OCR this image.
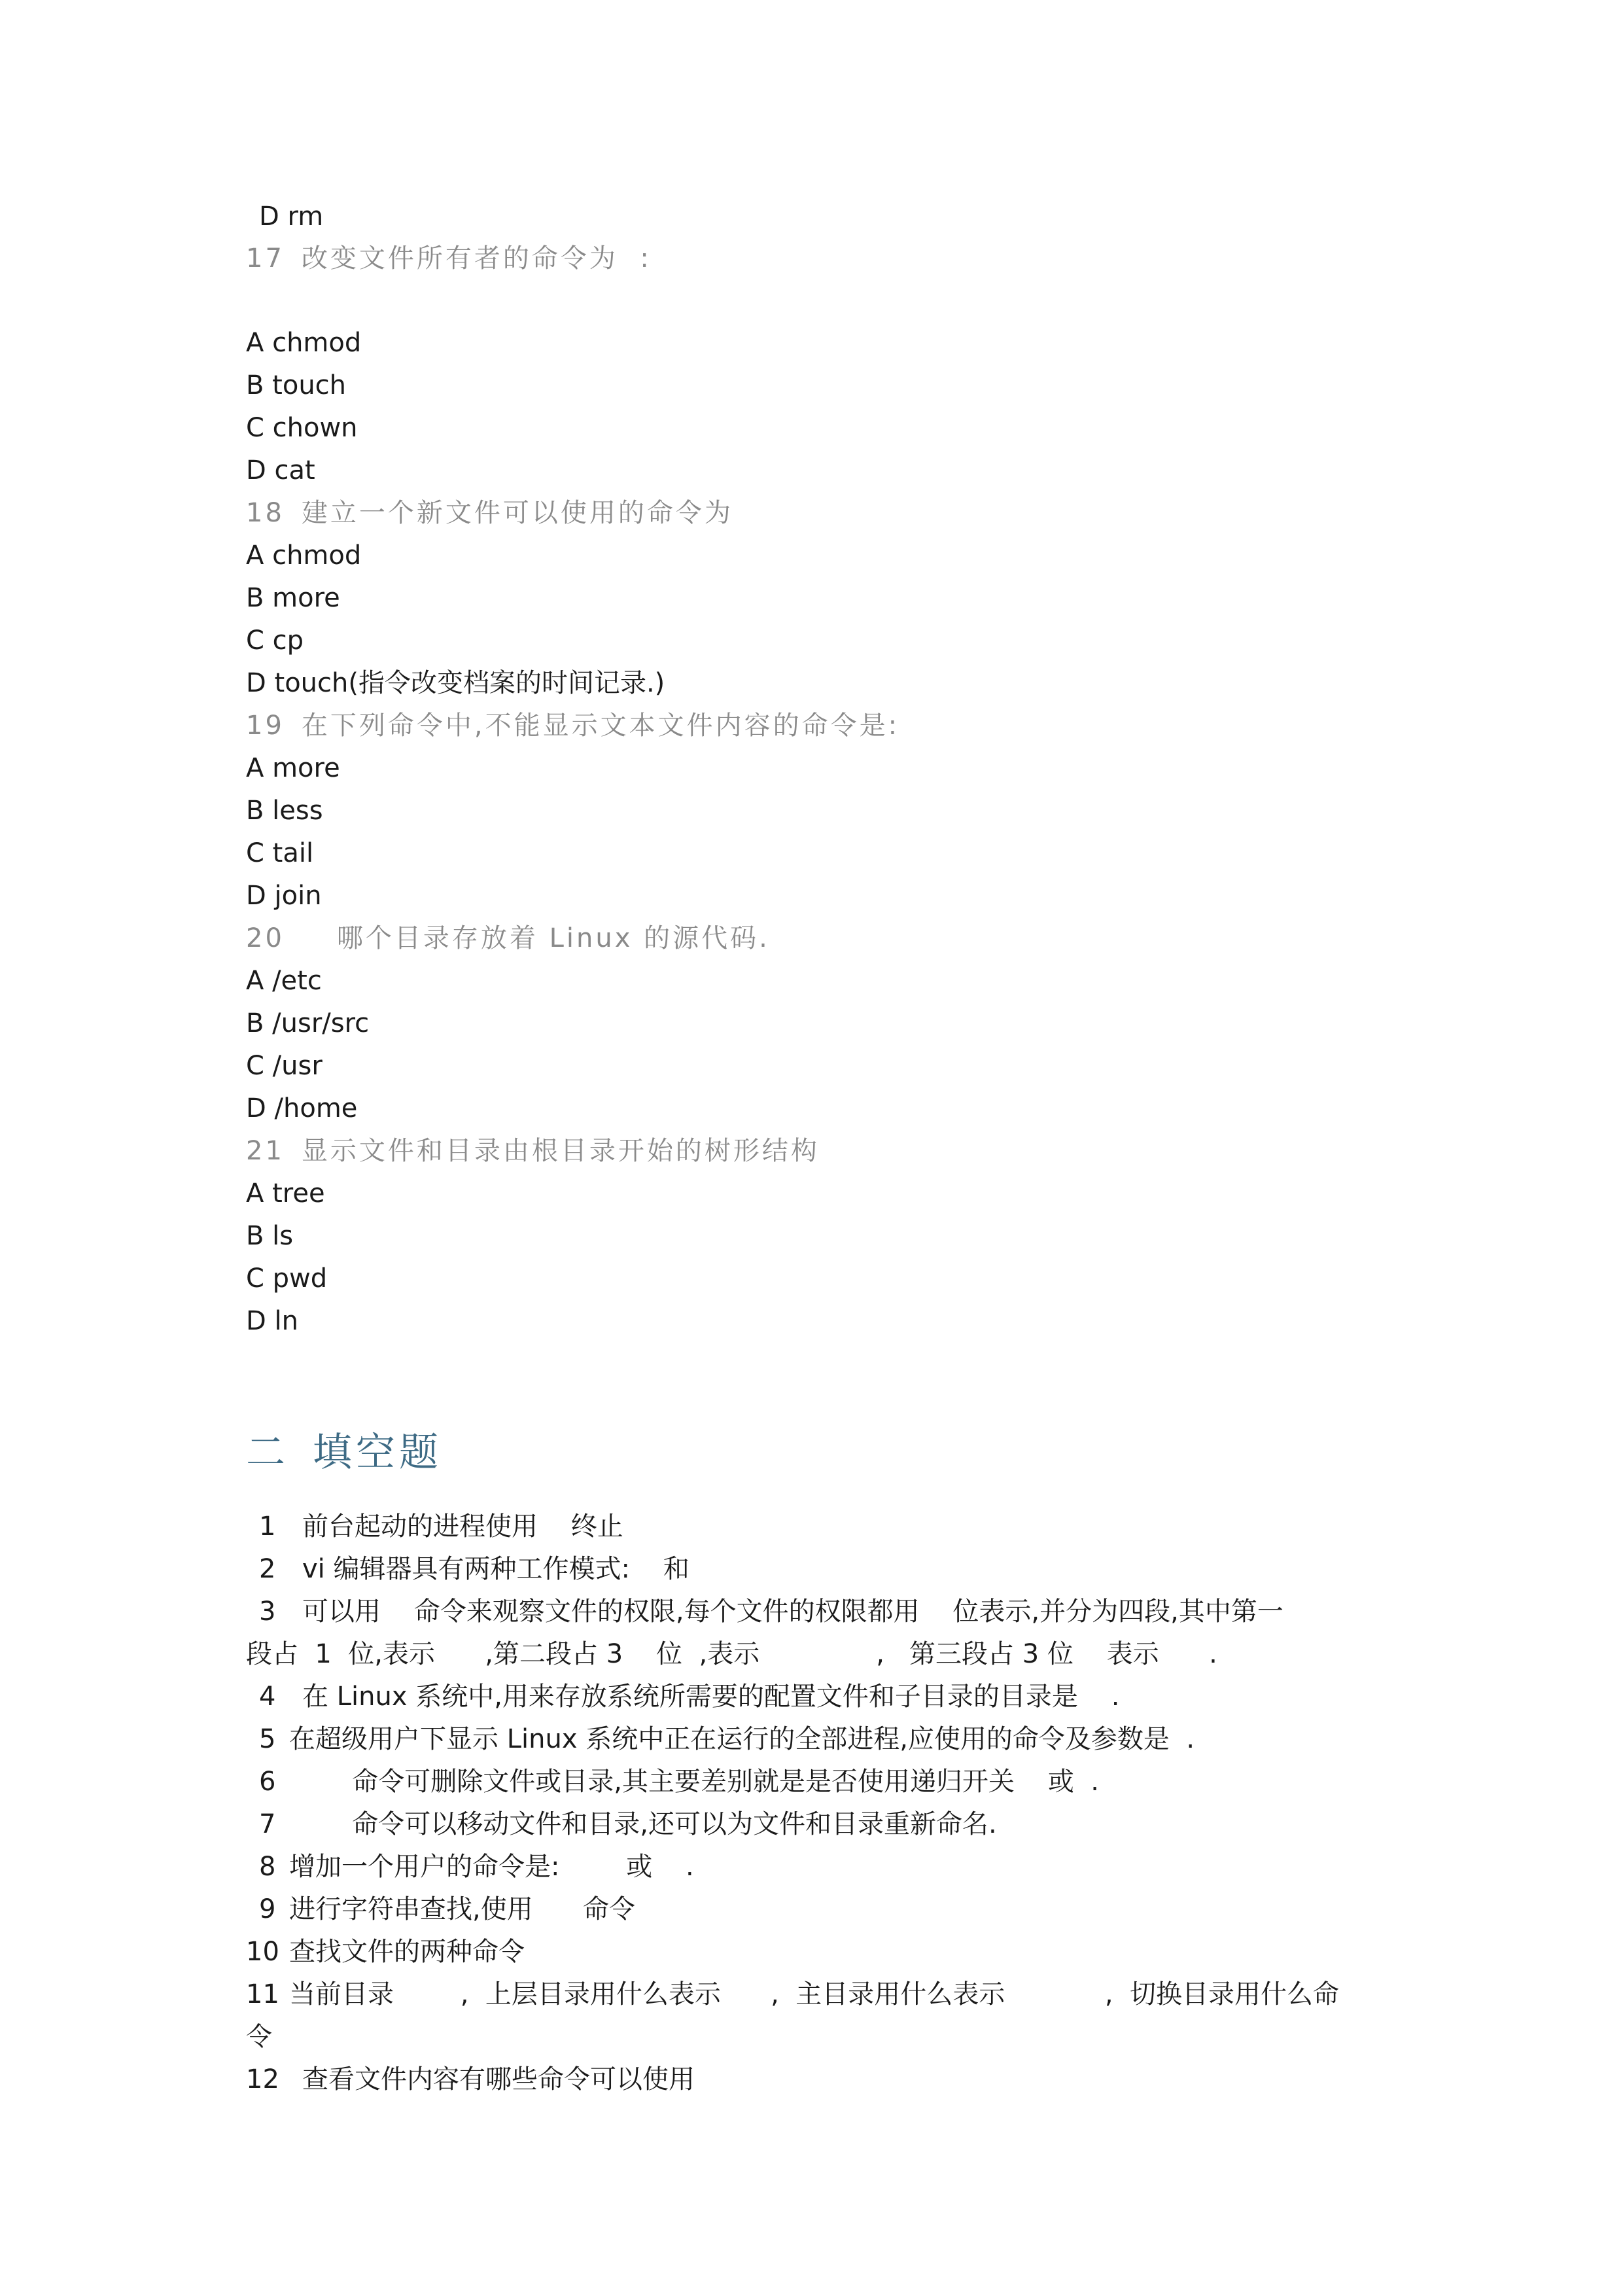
D rm
17 改变文件所有者的命令为  :
A chmod
B touch
C chown
D cat
18 建立一个新文件可以使用的命令为
A chmod
B more
C cp
D touch(指令改变档案的时间记录.)
19 在下列命令中,不能显示文本文件内容的命令是:
A more
B less
C tail
D join
20 哪个目录存放着 Linux 的源代码.
A /etc
B /usr/src
C /usr
D /home
21 显示文件和目录由根目录开始的树形结构
A tree
B ls
C pwd
D ln
二 填空题
1 前台起动的进程使用    终止
2 vi 编辑器具有两种工作模式:    和
3 可以用    命令来观察文件的权限,每个文件的权限都用    位表示,并分为四段,其中第一
段占  1  位,表示      ,第二段占 3    位  ,表示              ,   第三段占 3 位    表示      .
4 在 Linux 系统中,用来存放系统所需要的配置文件和子目录的目录是    .
5 在超级用户下显示 Linux 系统中正在运行的全部进程,应使用的命令及参数是  .
6      命令可删除文件或目录,其主要差别就是是否使用递归开关    或  .
7      命令可以移动文件和目录,还可以为文件和目录重新命名.
8 增加一个用户的命令是:        或    .
9 进行字符串查找,使用      命令
10 查找文件的两种命令
11 当前目录        ,  上层目录用什么表示      ,  主目录用什么表示            ,  切换目录用什么命
令
12 查看文件内容有哪些命令可以使用
